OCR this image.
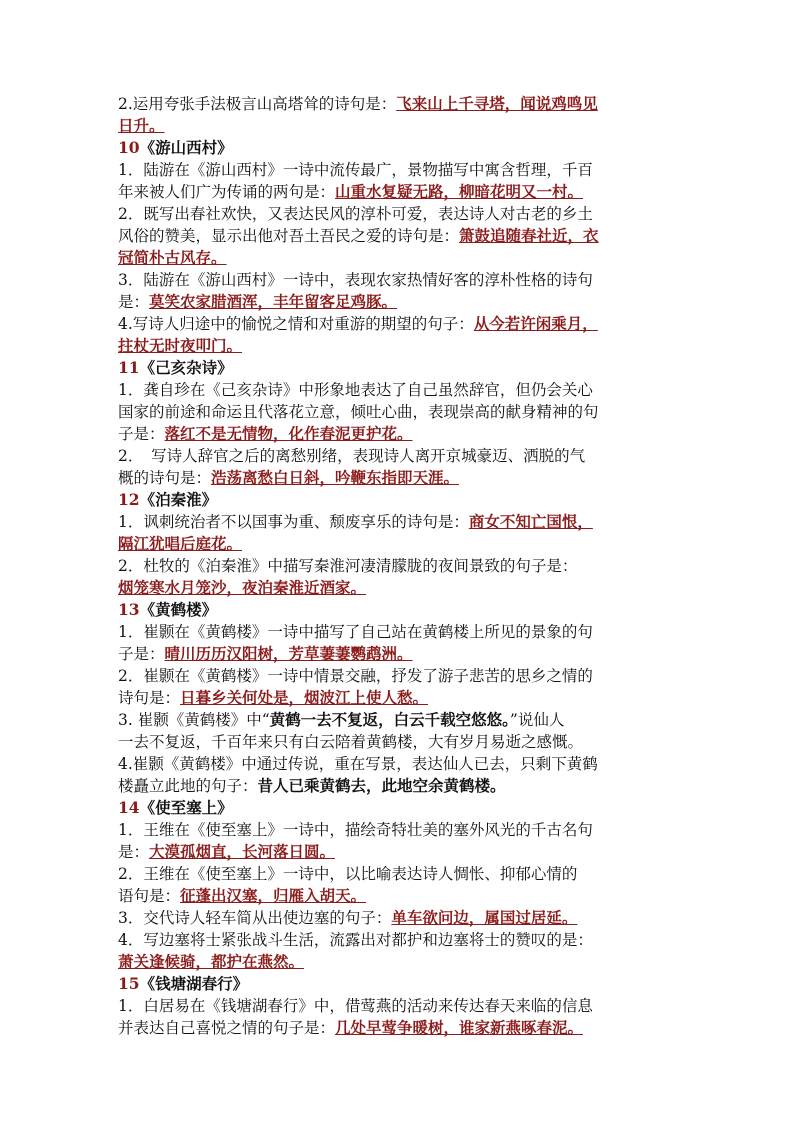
2.运用夸张手法极言山高塔耸的诗句是：飞来山上千寻塔，闻说鸡鸣见
日升。
10《游山西村》
1．陆游在《游山西村》一诗中流传最广，景物描写中寓含哲理，千百
年来被人们广为传诵的两句是：山重水复疑无路，柳暗花明又一村。
2．既写出春社欢快，又表达民风的淳朴可爱，表达诗人对古老的乡土
风俗的赞美，显示出他对吾土吾民之爱的诗句是：箫鼓追随春社近，衣
冠简朴古风存。
3．陆游在《游山西村》一诗中，表现农家热情好客的淳朴性格的诗句
是：莫笑农家腊酒浑，丰年留客足鸡豚。
4.写诗人归途中的愉悦之情和对重游的期望的句子：从今若许闲乘月，
拄杖无时夜叩门。
11《己亥杂诗》
1．龚自珍在《己亥杂诗》中形象地表达了自己虽然辞官，但仍会关心
国家的前途和命运且代落花立意，倾吐心曲，表现崇高的献身精神的句
子是：落红不是无情物，化作春泥更护花。
2．　写诗人辞官之后的离愁别绪，表现诗人离开京城豪迈、洒脱的气
概的诗句是：浩荡离愁白日斜，吟鞭东指即天涯。
12《泊秦淮》
1．讽刺统治者不以国事为重、颓废享乐的诗句是：商女不知亡国恨，
隔江犹唱后庭花。
2．杜牧的《泊秦淮》中描写秦淮河凄清朦胧的夜间景致的句子是：
烟笼寒水月笼沙，夜泊秦淮近酒家。
13《黄鹤楼》
1．崔颢在《黄鹤楼》一诗中描写了自己站在黄鹤楼上所见的景象的句
子是：晴川历历汉阳树，芳草萋萋鹦鹉洲。
2．崔颢在《黄鹤楼》一诗中情景交融，抒发了游子悲苦的思乡之情的
诗句是：日暮乡关何处是，烟波江上使人愁。
3. 崔颢《黄鹤楼》中“黄鹤一去不复返，白云千载空悠悠。”说仙人
一去不复返，千百年来只有白云陪着黄鹤楼，大有岁月易逝之感慨。
4.崔颢《黄鹤楼》中通过传说，重在写景，表达仙人已去，只剩下黄鹤
楼矗立此地的句子：昔人已乘黄鹤去，此地空余黄鹤楼。
14《使至塞上》
1．王维在《使至塞上》一诗中，描绘奇特壮美的塞外风光的千古名句
是：大漠孤烟直，长河落日圆。
2．王维在《使至塞上》一诗中，以比喻表达诗人惆怅、抑郁心情的
语句是：征蓬出汉塞，归雁入胡天。
3．交代诗人轻车简从出使边塞的句子：单车欲问边，属国过居延。
4．写边塞将士紧张战斗生活，流露出对都护和边塞将士的赞叹的是：
萧关逢候骑，都护在燕然。
15《钱塘湖春行》
1．白居易在《钱塘湖春行》中，借莺燕的活动来传达春天来临的信息
并表达自己喜悦之情的句子是：几处早莺争暖树，谁家新燕啄春泥。
